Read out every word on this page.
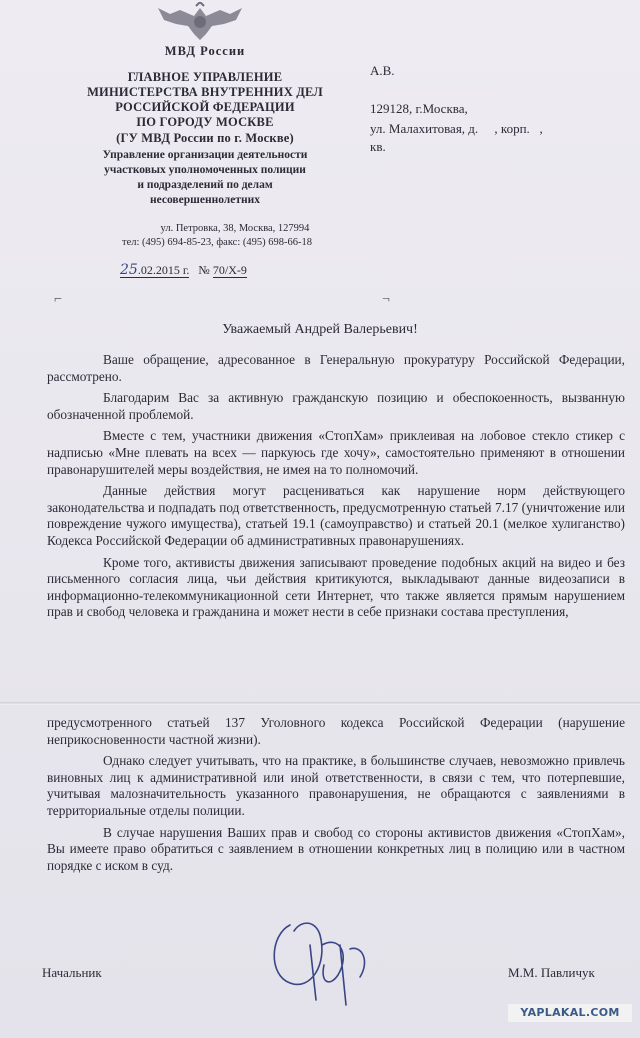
МВД России
ГЛАВНОЕ УПРАВЛЕНИЕ
МИНИСТЕРСТВА ВНУТРЕННИХ ДЕЛ
РОССИЙСКОЙ ФЕДЕРАЦИИ
ПО ГОРОДУ МОСКВЕ
(ГУ МВД России по г. Москве)
Управление организации деятельности
участковых уполномоченных полиции
и подразделений по делам
несовершеннолетних
ул. Петровка, 38, Москва, 127994
тел: (495) 694-85-23, факс: (495) 698-66-18
25.02.2015 г. № 70/Х-9
А.В.
129128, г.Москва,
ул. Малахитовая, д.     , корп.   ,
кв.
⌐	¬
Уважаемый Андрей Валерьевич!

Ваше обращение, адресованное в Генеральную прокуратуру Российской Федерации, рассмотрено.

Благодарим Вас за активную гражданскую позицию и обеспокоенность, вызванную обозначенной проблемой.

Вместе с тем, участники движения «СтопХам» приклеивая на лобовое стекло стикер с надписью «Мне плевать на всех — паркуюсь где хочу», самостоятельно применяют в отношении правонарушителей меры воздействия, не имея на то полномочий.

Данные действия могут расцениваться как нарушение норм действующего законодательства и подпадать под ответственность, предусмотренную статьей 7.17 (уничтожение или повреждение чужого имущества), статьей 19.1 (самоуправство) и статьей 20.1 (мелкое хулиганство) Кодекса Российской Федерации об административных правонарушениях.

Кроме того, активисты движения записывают проведение подобных акций на видео и без письменного согласия лица, чьи действия критикуются, выкладывают данные видеозаписи в информационно-телекоммуникационной сети Интернет, что также является прямым нарушением прав и свобод человека и гражданина и может нести в себе признаки состава преступления,

предусмотренного статьей 137 Уголовного кодекса Российской Федерации (нарушение неприкосновенности частной жизни).

Однако следует учитывать, что на практике, в большинстве случаев, невозможно привлечь виновных лиц к административной или иной ответственности, в связи с тем, что потерпевшие, учитывая малозначительность указанного правонарушения, не обращаются с заявлениями в территориальные отделы полиции.

В случае нарушения Ваших прав и свобод со стороны активистов движения «СтопХам», Вы имеете право обратиться с заявлением в отношении конкретных лиц в полицию или в частном порядке с иском в суд.

Начальник	М.М. Павличук
YAPLAKAL.COM
